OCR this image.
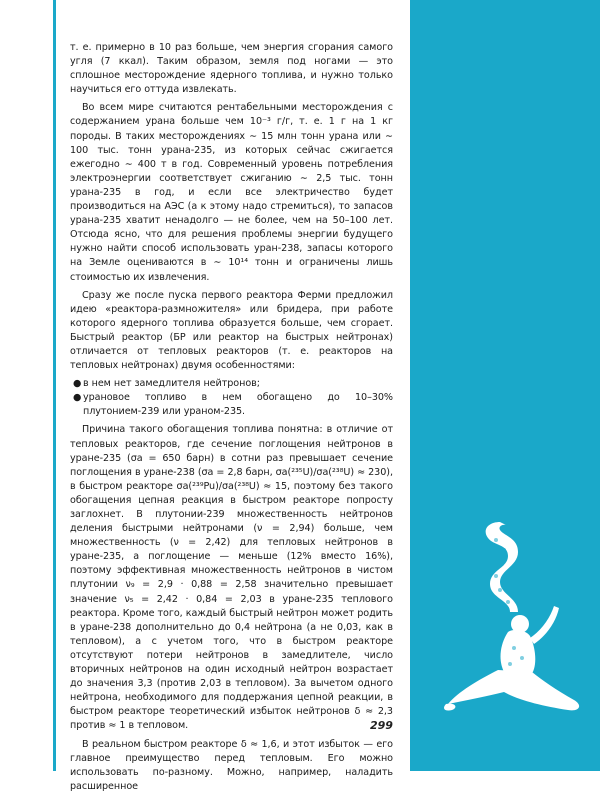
т. е. примерно в 10 раз больше, чем энергия сгорания самого угля (7 ккал). Таким образом, земля под ногами — это сплошное месторождение ядерного топлива, и нужно только научиться его оттуда извлекать.

Во всем мире считаются рентабельными месторождения с содержанием урана больше чем 10⁻³ г/г, т. е. 1 г на 1 кг породы. В таких месторождениях ∼ 15 млн тонн урана или ∼ 100 тыс. тонн урана-235, из которых сейчас сжигается ежегодно ∼ 400 т в год. Современный уровень потребления электроэнергии соответствует сжиганию ∼ 2,5 тыс. тонн урана-235 в год, и если все электричество будет производиться на АЭС (а к этому надо стремиться), то запасов урана-235 хватит ненадолго — не более, чем на 50–100 лет. Отсюда ясно, что для решения проблемы энергии будущего нужно найти способ использовать уран-238, запасы которого на Земле оцениваются в ∼ 10¹⁴ тонн и ограничены лишь стоимостью их извлечения.

Сразу же после пуска первого реактора Ферми предложил идею «реактора-размножителя» или бридера, при работе которого ядерного топлива образуется больше, чем сгорает. Быстрый реактор (БР или реактор на быстрых нейтронах) отличается от тепловых реакторов (т. е. реакторов на тепловых нейтронах) двумя особенностями:

● в нем нет замедлителя нейтронов;
● урановое топливо в нем обогащено до 10–30% плутонием-239 или ураном-235.

Причина такого обогащения топлива понятна: в отличие от тепловых реакторов, где сечение поглощения нейтронов в уране-235 (σa = 650 барн) в сотни раз превышает сечение поглощения в уране-238 (σa = 2,8 барн, σa(²³⁵U)/σa(²³⁸U) ≈ 230), в быстром реакторе σa(²³⁹Pu)/σa(²³⁸U) ≈ 15, поэтому без такого обогащения цепная реакция в быстром реакторе попросту заглохнет. В плутонии-239 множественность нейтронов деления быстрыми нейтронами (ν = 2,94) больше, чем множественность (ν = 2,42) для тепловых нейтронов в уране-235, а поглощение — меньше (12% вместо 16%), поэтому эффективная множественность нейтронов в чистом плутонии ν₉ = 2,9 · 0,88 = 2,58 значительно превышает значение ν₅ = 2,42 · 0,84 = 2,03 в уране-235 теплового реактора. Кроме того, каждый быстрый нейтрон может родить в уране-238 дополнительно до 0,4 нейтрона (а не 0,03, как в тепловом), а с учетом того, что в быстром реакторе отсутствуют потери нейтронов в замедлителе, число вторичных нейтронов на один исходный нейтрон возрастает до значения 3,3 (против 2,03 в тепловом). За вычетом одного нейтрона, необходимого для поддержания цепной реакции, в быстром реакторе теоретический избыток нейтронов δ ≈ 2,3 против ≈ 1 в тепловом.

В реальном быстром реакторе δ ≈ 1,6, и этот избыток — его главное преимущество перед тепловым. Его можно использовать по-разному. Можно, например, наладить расширенное

299
